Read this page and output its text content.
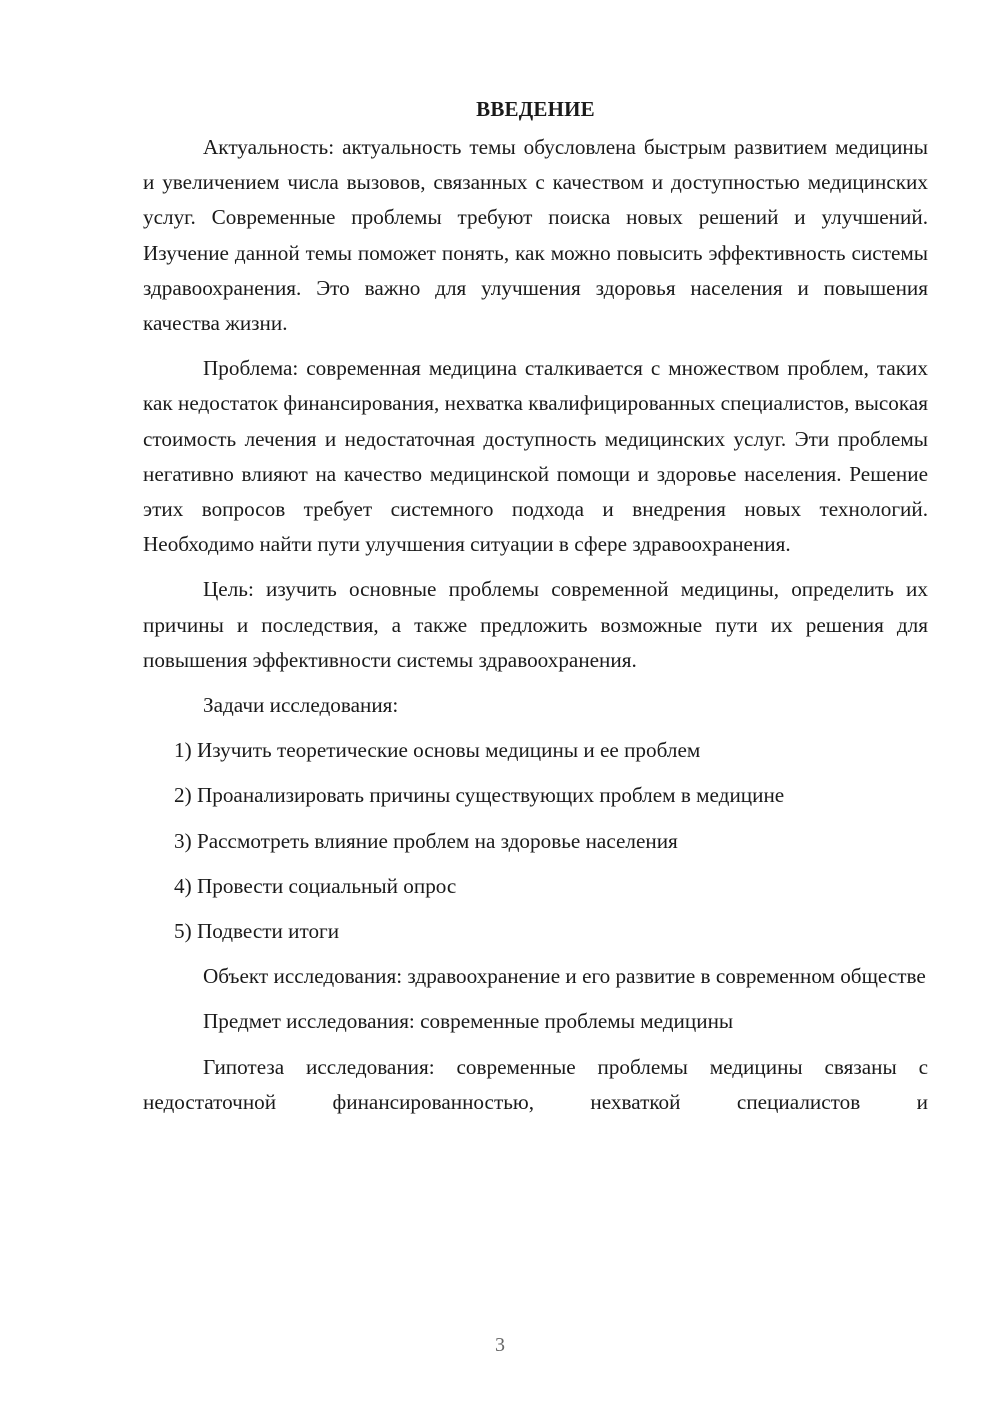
ВВЕДЕНИЕ

Актуальность: актуальность темы обусловлена быстрым развитием медицины и увеличением числа вызовов, связанных с качеством и доступностью медицинских услуг. Современные проблемы требуют поиска новых решений и улучшений. Изучение данной темы поможет понять, как можно повысить эффективность системы здравоохранения. Это важно для улучшения здоровья населения и повышения качества жизни.

Проблема: современная медицина сталкивается с множеством проблем, таких как недостаток финансирования, нехватка квалифицированных специалистов, высокая стоимость лечения и недостаточная доступность медицинских услуг. Эти проблемы негативно влияют на качество медицинской помощи и здоровье населения. Решение этих вопросов требует системного подхода и внедрения новых технологий. Необходимо найти пути улучшения ситуации в сфере здравоохранения.

Цель: изучить основные проблемы современной медицины, определить их причины и последствия, а также предложить возможные пути их решения для повышения эффективности системы здравоохранения.

Задачи исследования:

1) Изучить теоретические основы медицины и ее проблем
2) Проанализировать причины существующих проблем в медицине
3) Рассмотреть влияние проблем на здоровье населения
4) Провести социальный опрос
5) Подвести итоги

Объект исследования: здравоохранение и его развитие в современном обществе

Предмет исследования: современные проблемы медицины

Гипотеза исследования: современные проблемы медицины связаны с недостаточной финансированностью, нехваткой специалистов и

3
